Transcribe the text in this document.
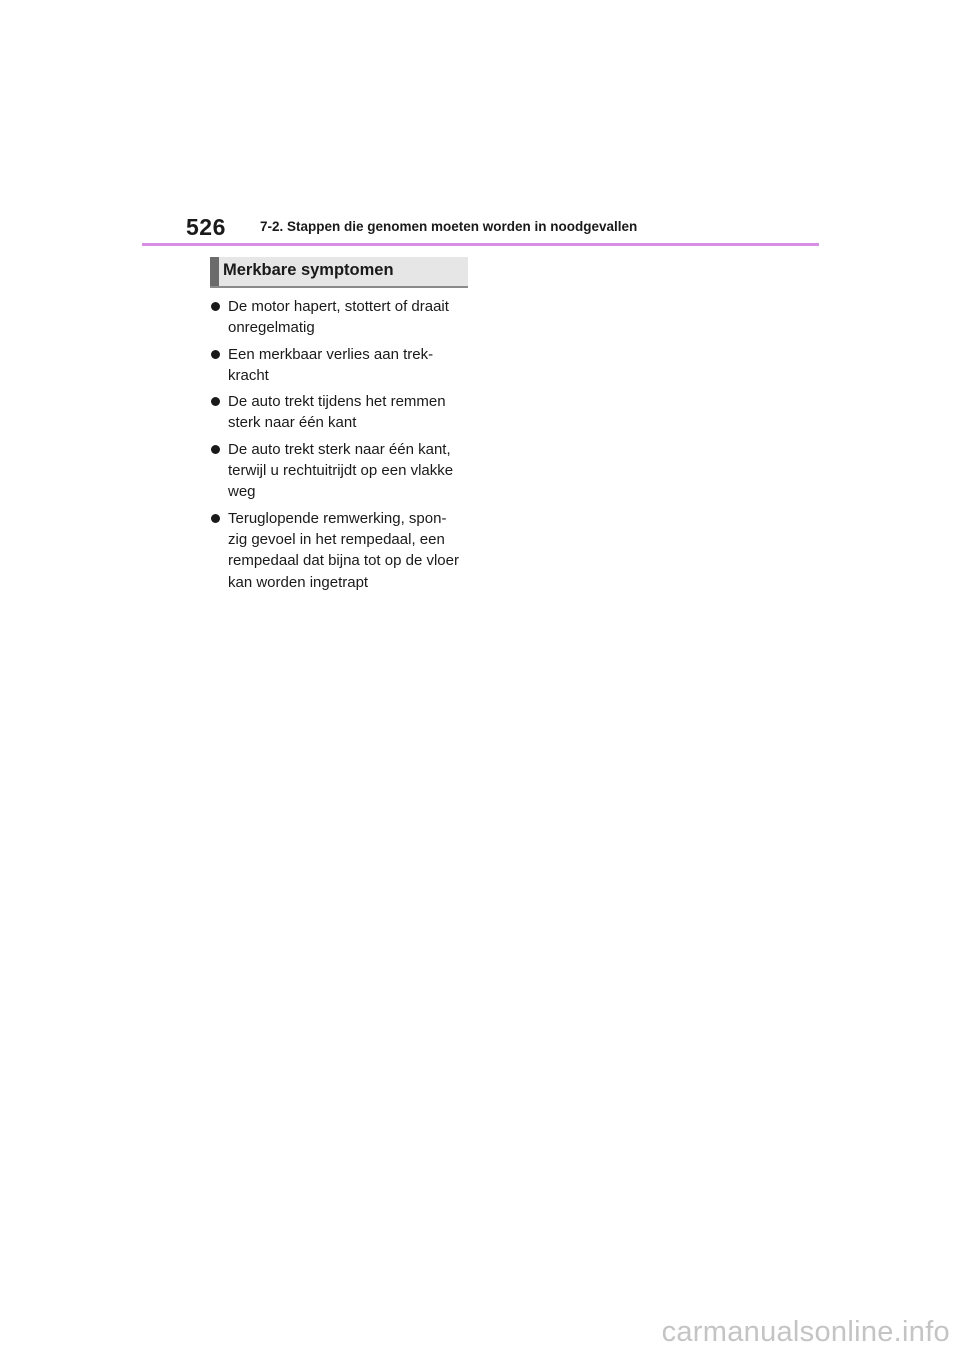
526	7-2. Stappen die genomen moeten worden in noodgevallen
Merkbare symptomen
De motor hapert, stottert of draait
onregelmatig
Een merkbaar verlies aan trek-
kracht
De auto trekt tijdens het remmen
sterk naar één kant
De auto trekt sterk naar één kant,
terwijl u rechtuitrijdt op een vlakke
weg
Teruglopende remwerking, spon-
zig gevoel in het rempedaal, een
rempedaal dat bijna tot op de vloer
kan worden ingetrapt
carmanualsonline.info
